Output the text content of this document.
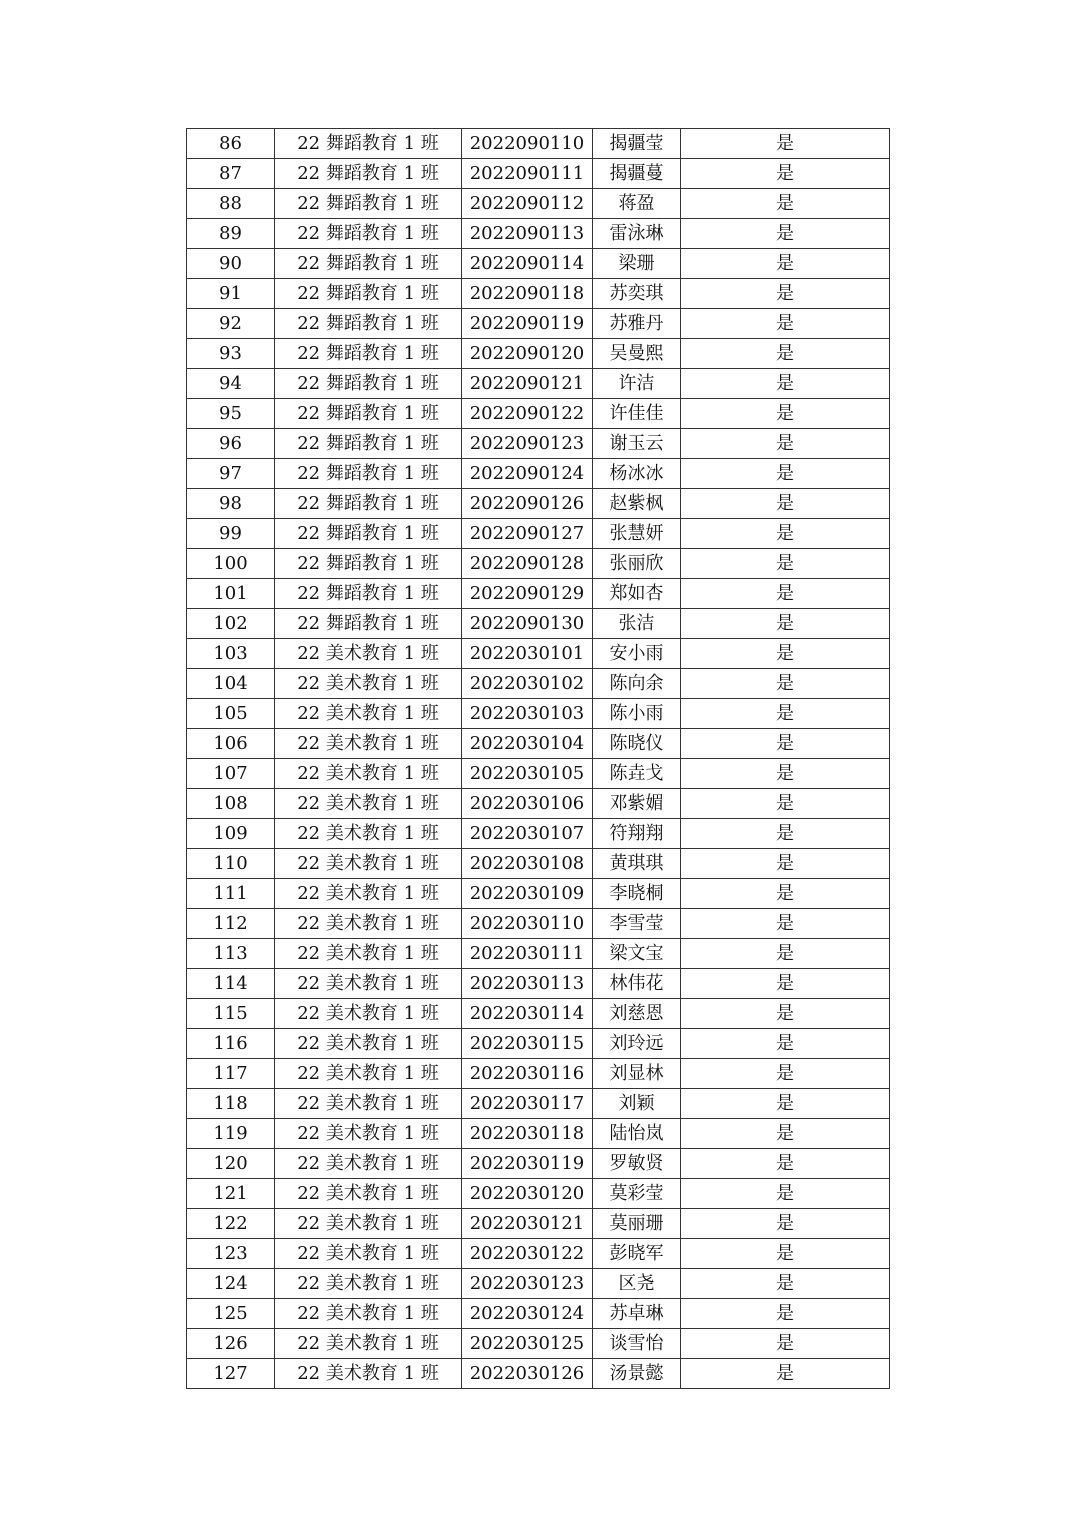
86	22 舞蹈教育 1 班	2022090110	揭疆莹	是
87	22 舞蹈教育 1 班	2022090111	揭疆蔓	是
88	22 舞蹈教育 1 班	2022090112	蒋盈	是
89	22 舞蹈教育 1 班	2022090113	雷泳琳	是
90	22 舞蹈教育 1 班	2022090114	梁珊	是
91	22 舞蹈教育 1 班	2022090118	苏奕琪	是
92	22 舞蹈教育 1 班	2022090119	苏雅丹	是
93	22 舞蹈教育 1 班	2022090120	吴曼熙	是
94	22 舞蹈教育 1 班	2022090121	许洁	是
95	22 舞蹈教育 1 班	2022090122	许佳佳	是
96	22 舞蹈教育 1 班	2022090123	谢玉云	是
97	22 舞蹈教育 1 班	2022090124	杨冰冰	是
98	22 舞蹈教育 1 班	2022090126	赵紫枫	是
99	22 舞蹈教育 1 班	2022090127	张慧妍	是
100	22 舞蹈教育 1 班	2022090128	张丽欣	是
101	22 舞蹈教育 1 班	2022090129	郑如杏	是
102	22 舞蹈教育 1 班	2022090130	张洁	是
103	22 美术教育 1 班	2022030101	安小雨	是
104	22 美术教育 1 班	2022030102	陈向余	是
105	22 美术教育 1 班	2022030103	陈小雨	是
106	22 美术教育 1 班	2022030104	陈晓仪	是
107	22 美术教育 1 班	2022030105	陈垚戈	是
108	22 美术教育 1 班	2022030106	邓紫媚	是
109	22 美术教育 1 班	2022030107	符翔翔	是
110	22 美术教育 1 班	2022030108	黄琪琪	是
111	22 美术教育 1 班	2022030109	李晓桐	是
112	22 美术教育 1 班	2022030110	李雪莹	是
113	22 美术教育 1 班	2022030111	梁文宝	是
114	22 美术教育 1 班	2022030113	林伟花	是
115	22 美术教育 1 班	2022030114	刘慈恩	是
116	22 美术教育 1 班	2022030115	刘玲远	是
117	22 美术教育 1 班	2022030116	刘显林	是
118	22 美术教育 1 班	2022030117	刘颖	是
119	22 美术教育 1 班	2022030118	陆怡岚	是
120	22 美术教育 1 班	2022030119	罗敏贤	是
121	22 美术教育 1 班	2022030120	莫彩莹	是
122	22 美术教育 1 班	2022030121	莫丽珊	是
123	22 美术教育 1 班	2022030122	彭晓军	是
124	22 美术教育 1 班	2022030123	区尧	是
125	22 美术教育 1 班	2022030124	苏卓琳	是
126	22 美术教育 1 班	2022030125	谈雪怡	是
127	22 美术教育 1 班	2022030126	汤景懿	是
